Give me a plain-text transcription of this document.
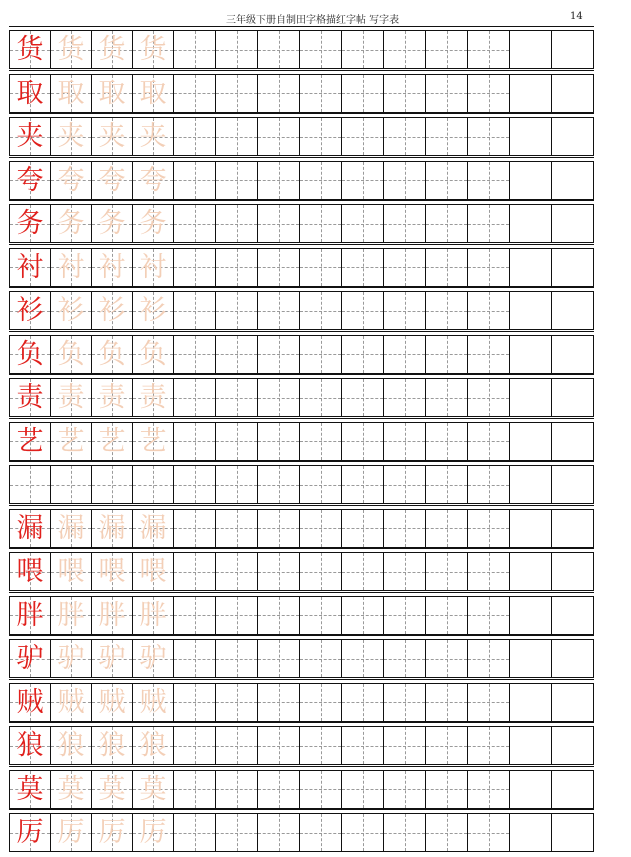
三年级下册自制田字格描红字帖 写字表	14
货 货 货 货
取 取 取 取
夹 夹 夹 夹
夸 夸 夸 夸
务 务 务 务
衬 衬 衬 衬
衫 衫 衫 衫
负 负 负 负
责 责 责 责
艺 艺 艺 艺
漏 漏 漏 漏
喂 喂 喂 喂
胖 胖 胖 胖
驴 驴 驴 驴
贼 贼 贼 贼
狼 狼 狼 狼
莫 莫 莫 莫
厉 厉 厉 厉
